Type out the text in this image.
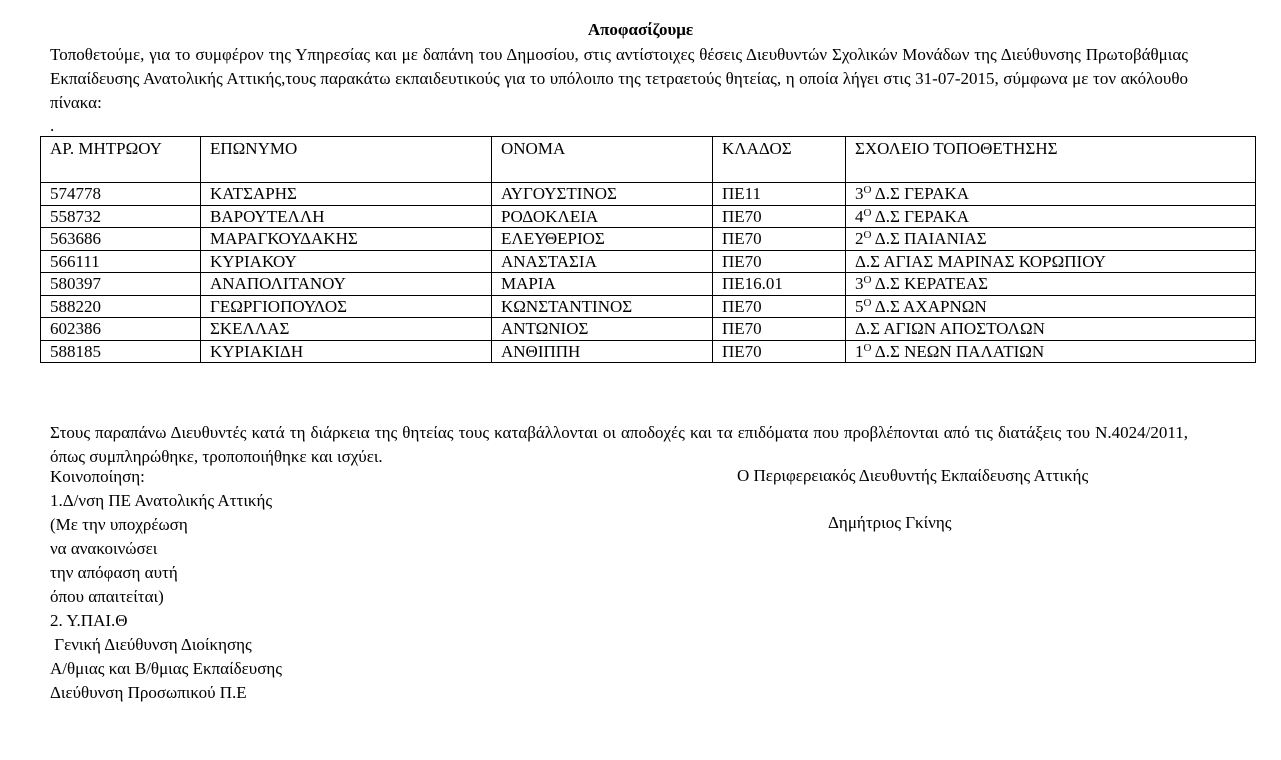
Αποφασίζουμε

Τοποθετούμε, για το συμφέρον της Υπηρεσίας και με δαπάνη του Δημοσίου, στις αντίστοιχες θέσεις Διευθυντών Σχολικών Μονάδων της Διεύθυνσης Πρωτοβάθμιας Εκπαίδευσης Ανατολικής Αττικής,τους παρακάτω εκπαιδευτικούς για το υπόλοιπο της τετραετούς θητείας, η οποία λήγει στις 31-07-2015, σύμφωνα με τον ακόλουθο πίνακα:

.
ΑΡ. ΜΗΤΡΩΟΥ	ΕΠΩΝΥΜΟ	ΟΝΟΜΑ	ΚΛΑΔΟΣ	ΣΧΟΛΕΙΟ ΤΟΠΟΘΕΤΗΣΗΣ
574778	ΚΑΤΣΑΡΗΣ	ΑΥΓΟΥΣΤΙΝΟΣ	ΠΕ11	$3^O$ Δ.Σ ΓΕΡΑΚΑ
558732	ΒΑΡΟΥΤΕΛΛΗ	ΡΟΔΟΚΛΕΙΑ	ΠΕ70	$4^O$ Δ.Σ ΓΕΡΑΚΑ
563686	ΜΑΡΑΓΚΟΥΔΑΚΗΣ	ΕΛΕΥΘΕΡΙΟΣ	ΠΕ70	$2^O$ Δ.Σ ΠΑΙΑΝΙΑΣ
566111	ΚΥΡΙΑΚΟΥ	ΑΝΑΣΤΑΣΙΑ	ΠΕ70	Δ.Σ ΑΓΙΑΣ ΜΑΡΙΝΑΣ ΚΟΡΩΠΙΟΥ
580397	ΑΝΑΠΟΛΙΤΑΝΟΥ	ΜΑΡΙΑ	ΠΕ16.01	$3^O$ Δ.Σ ΚΕΡΑΤΕΑΣ
588220	ΓΕΩΡΓΙΟΠΟΥΛΟΣ	ΚΩΝΣΤΑΝΤΙΝΟΣ	ΠΕ70	$5^O$ Δ.Σ ΑΧΑΡΝΩΝ
602386	ΣΚΕΛΛΑΣ	ΑΝΤΩΝΙΟΣ	ΠΕ70	Δ.Σ ΑΓΙΩΝ ΑΠΟΣΤΟΛΩΝ
588185	ΚΥΡΙΑΚΙΔΗ	ΑΝΘΙΠΠΗ	ΠΕ70	$1^O$ Δ.Σ ΝΕΩΝ ΠΑΛΑΤΙΩΝ

Στους παραπάνω Διευθυντές κατά τη διάρκεια της θητείας τους καταβάλλονται οι αποδοχές και τα επιδόματα που προβλέπονται από τις διατάξεις του Ν.4024/2011, όπως συμπληρώθηκε, τροποποιήθηκε και ισχύει.

Κοινοποίηση:
1.Δ/νση ΠΕ Ανατολικής Αττικής
(Με την υποχρέωση
να ανακοινώσει
την απόφαση αυτή
όπου απαιτείται)
2. Υ.ΠΑΙ.Θ
Γενική Διεύθυνση Διοίκησης
Α/θμιας και Β/θμιας Εκπαίδευσης
Διεύθυνση Προσωπικού Π.Ε
Ο Περιφερειακός Διευθυντής Εκπαίδευσης Αττικής
Δημήτριος Γκίνης
